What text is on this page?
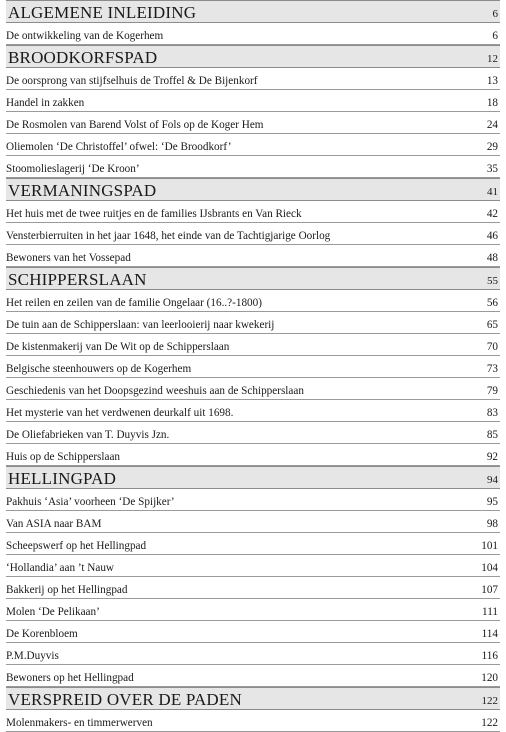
ALGEMENE INLEIDING	6
De ontwikkeling van de Kogerhem	6
BROODKORFSPAD	12
De oorsprong van stijfselhuis de Troffel & De Bijenkorf	13
Handel in zakken	18
De Rosmolen van Barend Volst of Fols op de Koger Hem	24
Oliemolen ‘De Christoffel’ ofwel: ‘De Broodkorf’	29
Stoomolieslagerij ‘De Kroon’	35
VERMANINGSPAD	41
Het huis met de twee ruitjes en de families IJsbrants en Van Rieck	42
Vensterbierruiten in het jaar 1648, het einde van de Tachtigjarige Oorlog	46
Bewoners van het Vossepad	48
SCHIPPERSLAAN	55
Het reilen en zeilen van de familie Ongelaar (16..?-1800)	56
De tuin aan de Schipperslaan: van leerlooierij naar kwekerij	65
De kistenmakerij van De Wit op de Schipperslaan	70
Belgische steenhouwers op de Kogerhem	73
Geschiedenis van het Doopsgezind weeshuis aan de Schipperslaan	79
Het mysterie van het verdwenen deurkalf uit 1698.	83
De Oliefabrieken van T. Duyvis Jzn.	85
Huis op de Schipperslaan	92
HELLINGPAD	94
Pakhuis ‘Asia’ voorheen ‘De Spijker’	95
Van ASIA naar BAM	98
Scheepswerf op het Hellingpad	101
‘Hollandia’ aan ’t Nauw	104
Bakkerij op het Hellingpad	107
Molen ‘De Pelikaan’	111
De Korenbloem	114
P.M.Duyvis	116
Bewoners op het Hellingpad	120
VERSPREID OVER DE PADEN	122
Molenmakers- en timmerwerven	122
